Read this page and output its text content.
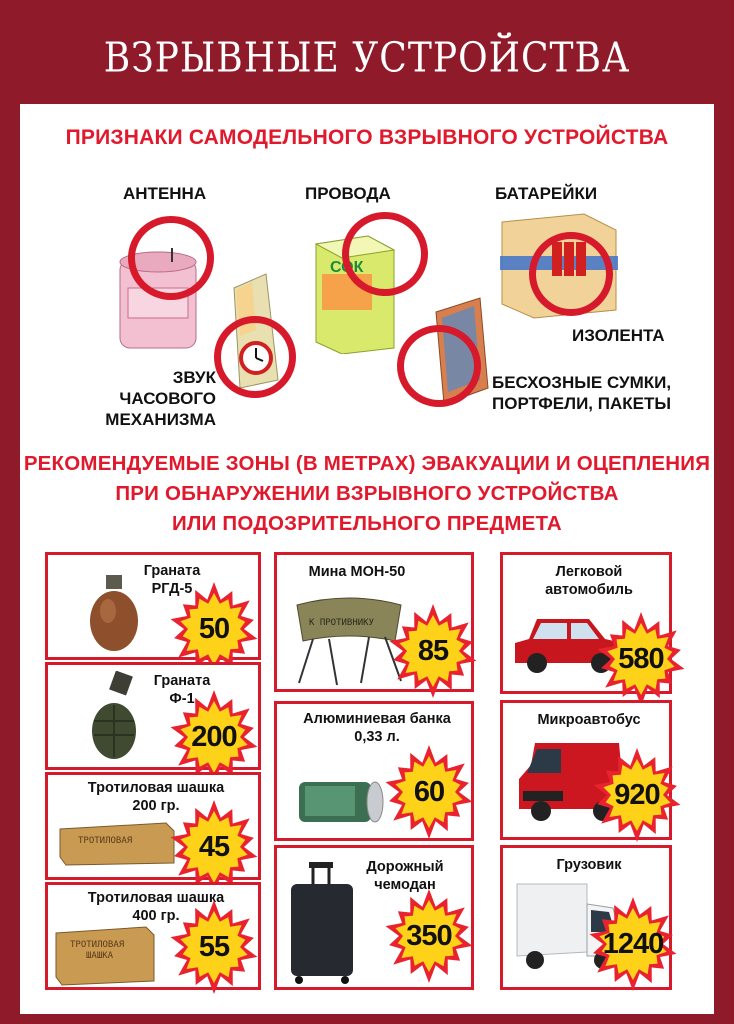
ВЗРЫВНЫЕ УСТРОЙСТВА
ПРИЗНАКИ САМОДЕЛЬНОГО ВЗРЫВНОГО УСТРОЙСТВА
АНТЕННА	ПРОВОДА	БАТАРЕЙКИ
ИЗОЛЕНТА
ЗВУК ЧАСОВОГО
МЕХАНИЗМА
БЕСХОЗНЫЕ СУМКИ,
ПОРТФЕЛИ, ПАКЕТЫ
СОК
РЕКОМЕНДУЕМЫЕ ЗОНЫ (В МЕТРАХ) ЭВАКУАЦИИ И ОЦЕПЛЕНИЯ
ПРИ ОБНАРУЖЕНИИ ВЗРЫВНОГО УСТРОЙСТВА
ИЛИ ПОДОЗРИТЕЛЬНОГО ПРЕДМЕТА
Граната
РГД-5
50
Граната
Ф-1
200
Тротиловая шашка
200 гр.
ТРОТИЛОВАЯ	45
Тротиловая шашка
400 гр.
ТРОТИЛОВАЯ
ШАШКА	55
Мина МОН-50
К ПРОТИВНИКУ
85
Алюминиевая банка
0,33 л.
60
Дорожный
чемодан
350
Легковой
автомобиль
580
Микроавтобус
920
Грузовик
1240
